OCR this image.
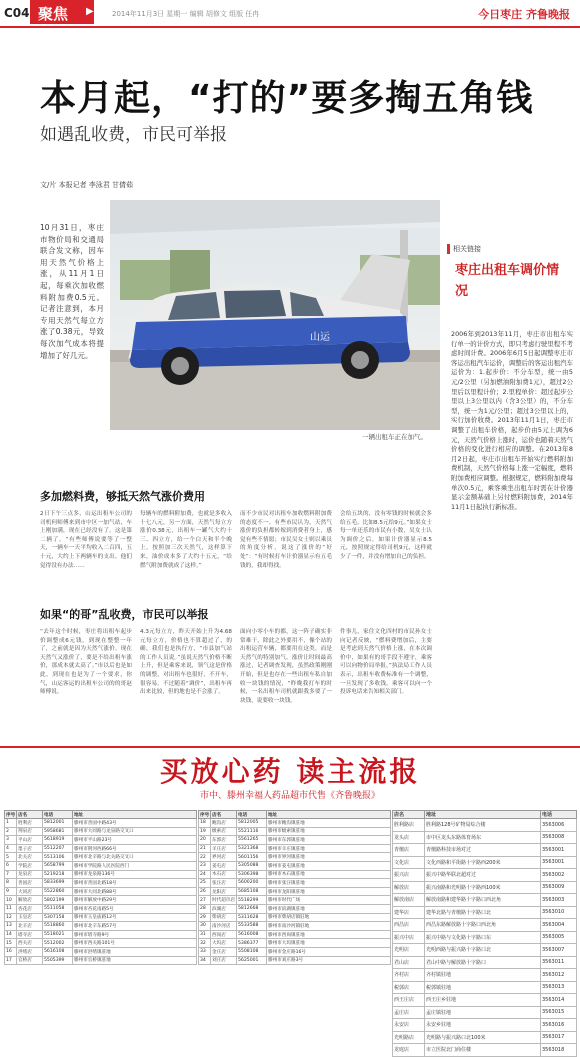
C04 聚焦	▶	2014年11月3日 星期一 编辑 胡修文 组版 任冉	今日枣庄 齐鲁晚报
本月起，“打的”要多掏五角钱
如遇乱收费，市民可举报
文/片 本报记者 李泳君 甘倩茹
10月31日，枣庄市物价局和交通局联合发文称，因车用天然气价格上涨，从11月1日起，每乘次加收燃料附加费0.5元。记者注意到，本月专用天然气每立方涨了0.38元，导致每次加气成本将提增加了好几元。
山运
一辆出租车正在加气。
相关链接
枣庄出租车调价情况
2006年到2013年11月，枣庄市出租车实行单一的计价方式，即只考虑行驶里程不考虑时间计费。2006年6月5日起调整枣庄市客运出租汽车运价，调整后的客运出租汽车运价为：1.起步价：不分车型，统一由5元/2公里（另加燃油附加费1元），超过2公里后以里程计价；2.里程单价：超过起步公里以上3公里以内（含3公里）的，不分车型，统一为1元/公里；超过3公里以上的，实行加价收费。2013年11月1日，枣庄市调整了出租车价格，起步价由5元上调为6元，天然气价格上涨时，运价也随着天然气价格的变化进行相应的调整。在2013年8月2日起，枣庄市出租车开始实行燃料附加费机制，天然气价格每上涨一定幅度，燃料附加费相应调整。根据规定，燃料附加费每单次0.5元，乘客乘坐出租车时需在计价器显示金额基础上另付燃料附加费，2014年11月1日起执行新标准。
多加燃料费，够抵天然气涨价费用
2日下午三点多，山运出租车公司的司机何师傅来到市中区一加气站，车上刚加满，现在已经没有了。这是第二辆了，“有些师傅说要等了一整天，一辆车一天平均收入二百四，五十元，大约上下两辆车的支出。他们觉得没有办法……
每辆车的燃料附加费，也就是多收入十七八元，另一方面，天然气每立方涨价0.38元，出租车一罐气大约十三、四立方，给一个白天和半个晚上，按照加三次天然气，这样算下来，油价成本多了大约十五元，“给燃气附加费就成了这样。”
而不少市民对出租车加收燃料附加费的态度不一。有些市民认为，天然气涨价的负担都转嫁到消费者身上，感觉有些不情愿；市民吴女士则以乘员的角度分析，说这了涨价的“好处”：“有时候打车计价器显示有五毛钱的，我却得找。
会给五块的，没有零钱的时候就会多给五毛。比如8.5元给9元。”如果女士每一单还乐的市民有小数，吴女士认为调价之后，如果计价器显示8.5元，按照规定得给司机9元，这样就少了一件，并没有增加自己的负担。
如果“的哥”乱收费，市民可以举报
“去年这个时候，枣庄将出租车起步价调整成6元钱，到现在整整一年了，之前就是因为天然气涨价。现在天然气又涨价了，要是不给出租车涨价，那成本就太高了。”市以后也是如此，到现在也是为了一个要求，你气，山运客运的出租车公司的的哥赵师傅说。
4.3元每立方，昨天开始上升为4.68元每立方，价格也不算超过了，的确，我们也是执行方，“市县加气站的工作人员说。”虽说天然气价格不断上升，但是乘客来说，领气这是价格的调整，对出租车也很好，不开车，很容易。不过随着“调价”，出租车再出来比较，但的地也是不会涨了。
面向小零小车的都，这一阵子确实非常难干，除此之外要用不，像个站的出租运营车辆，都要用在这类。而是天然气的特别加气。涨价让时间最高涨过，记者调查发现，虽然政策刚刚开始，但是也存在一些出租车私自加收一块钱的情况，“昨晚我打车的时候，一名出租车司机就跟我多要了一块钱，说要收一块钱。
件事儿，家住文化四村的市民孙女士向记者反映，“燃料费增加后，主要是考虑到天然气价格上涨，在本次调价中，如果有的哥手段不遵守，乘客可以向物价局举报。”执法局工作人员表示，出租车收费标准有一个调整，一旦发现了多收钱，乘客可以向一个投诉电话来告知相关部门。
买放心药 读主流报
市中、滕州幸福人药品超市代售《齐鲁晚报》
序号	店名	电话	地址
1	胜利店	5812001	滕州市善国中路43号
2	荆泉店	5958681	滕州市大同路与龙泉路交叉口
3	平山店	5618919	滕州市平山路23号
4	墨子店	5512207	滕州市荆河西路66号
5	北关店	5513106	滕州市北辛路与北关路交叉口
6	学院店	5658799	滕州市学院路人民医院西门
7	龙泉店	5219218	滕州市龙泉路136号
8	善国店	5833699	滕州市善国北路18号
9	大同店	5522860	滕州市大同北路88号
10	解放店	5802199	滕州市解放中路29号
11	杏花店	5511058	滕州市杏花南路5号
12	玉皇店	5307158	滕州市玉皇庙路12号
13	北辛店	5518860	滕州市北辛东路57号
14	塔寺店	5518021	滕州市塔寺路9号
15	西关店	5512002	滕州市西关路101号
16	洪绪店	5616108	滕州市洪绪镇驻地
17	官桥店	5505399	滕州市官桥镇驻地
序号	店名	电话	地址
18	鲍沟店	5812005	滕州市鲍沟镇驻地
19	级索店	5521116	滕州市级索镇驻地
20	东郭店	5561265	滕州市东郭镇驻地
21	羊庄店	5321368	滕州市羊庄镇驻地
22	界河店	5601156	滕州市界河镇驻地
23	姜屯店	5305088	滕州市姜屯镇驻地
24	木石店	5306398	滕州市木石镇驻地
25	张汪店	5600200	滕州市张汪镇驻地
26	龙阳店	5685108	滕州市龙阳镇驻地
27	时代超市店	5518299	滕州市时代广场
28	滨湖店	5812668	滕州市滨湖镇驻地
29	柴胡店	5311628	滕州市柴胡店镇驻地
30	南沙河店	5533588	滕州市南沙河镇驻地
31	西岗店	5616008	滕州市西岗镇驻地
32	大坞店	5386377	滕州市大坞镇驻地
33	金庄店	5508108	滕州市金庄路16号
34	刘庄店	5625001	滕州市刘庄路3号
店名	地址	电话
胜利路店	胜利路128号矿物局综合楼	3563006
龙头店	市中区龙头东路体育场东	3563008
青檀店	青檀路科技市场对过	3563001
文化店	文化西路和平街路十字路西200米	3563001
振兴店	振兴中路华联北超对过	3563002
解放店	振兴南路和光明路十字路西100米	3563009
解放南店	解放南路和建华路十字路口西北角	3563003
建华店	建华北路与青檀路十字路口北	3563010
西昌店	西昌东路解放路十字路口西北角	3563004
振兴中店	振兴中路与文化路十字路口东	3563005
光明店	光明西路与振兴路十字路口北	3563007
君山店	君山中路与解放路十字路口	3563011
齐村店	齐村镇驻地	3563012
税郭店	税郭镇驻地	3563013
西王庄店	西王庄乡驻地	3563014
孟庄店	孟庄镇驻地	3563015
永安店	永安乡驻地	3563016
光明路店	光明路与振兴路口北100米	3563017
龙庭店	市立医院北门商住楼	3563018
